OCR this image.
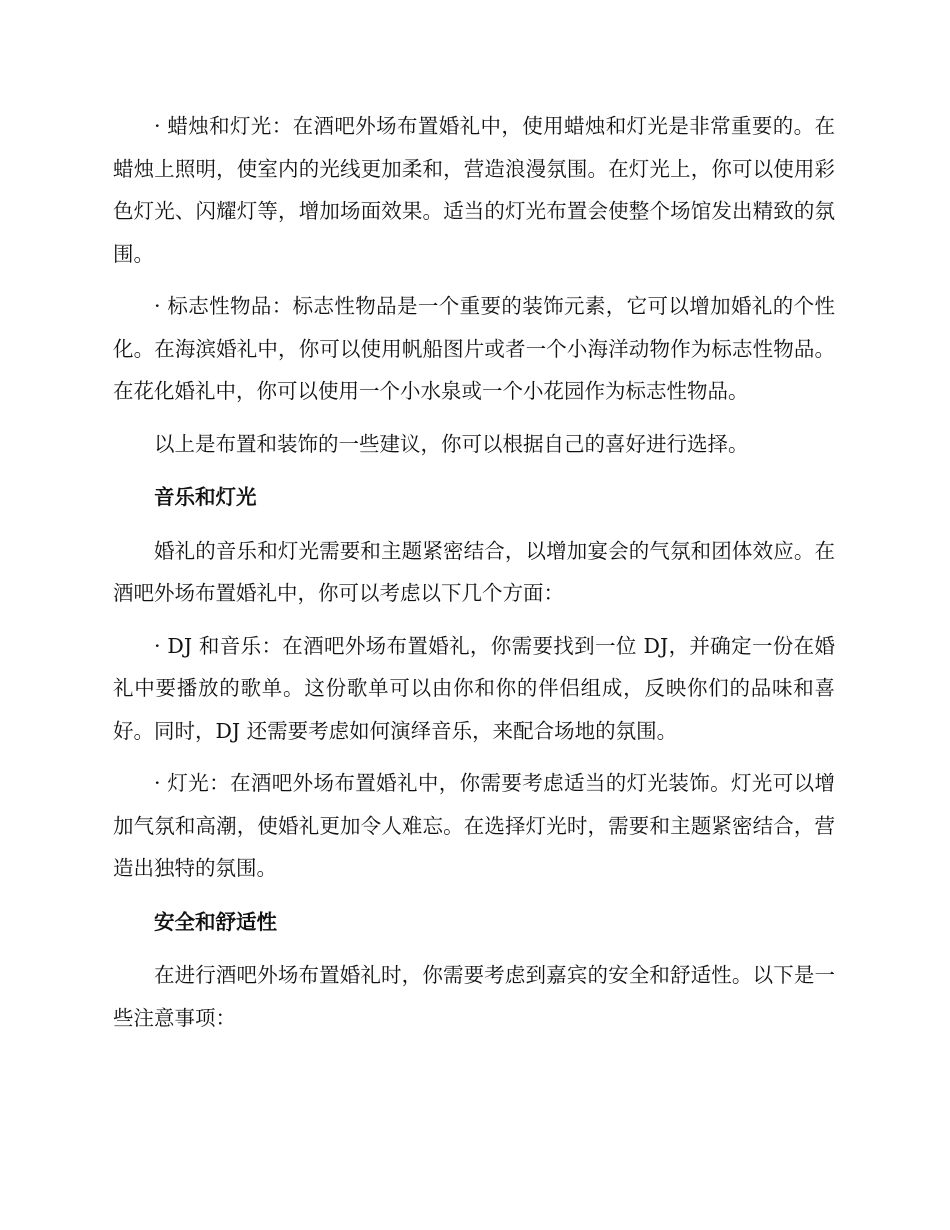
· 蜡烛和灯光：在酒吧外场布置婚礼中，使用蜡烛和灯光是非常重要的。在蜡烛上照明，使室内的光线更加柔和，营造浪漫氛围。在灯光上，你可以使用彩色灯光、闪耀灯等，增加场面效果。适当的灯光布置会使整个场馆发出精致的氛围。

· 标志性物品：标志性物品是一个重要的装饰元素，它可以增加婚礼的个性化。在海滨婚礼中，你可以使用帆船图片或者一个小海洋动物作为标志性物品。在花化婚礼中，你可以使用一个小水泉或一个小花园作为标志性物品。

以上是布置和装饰的一些建议，你可以根据自己的喜好进行选择。

音乐和灯光

婚礼的音乐和灯光需要和主题紧密结合，以增加宴会的气氛和团体效应。在酒吧外场布置婚礼中，你可以考虑以下几个方面：

· DJ 和音乐：在酒吧外场布置婚礼，你需要找到一位 DJ，并确定一份在婚礼中要播放的歌单。这份歌单可以由你和你的伴侣组成，反映你们的品味和喜好。同时，DJ 还需要考虑如何演绎音乐，来配合场地的氛围。

· 灯光：在酒吧外场布置婚礼中，你需要考虑适当的灯光装饰。灯光可以增加气氛和高潮，使婚礼更加令人难忘。在选择灯光时，需要和主题紧密结合，营造出独特的氛围。

安全和舒适性

在进行酒吧外场布置婚礼时，你需要考虑到嘉宾的安全和舒适性。以下是一些注意事项：
